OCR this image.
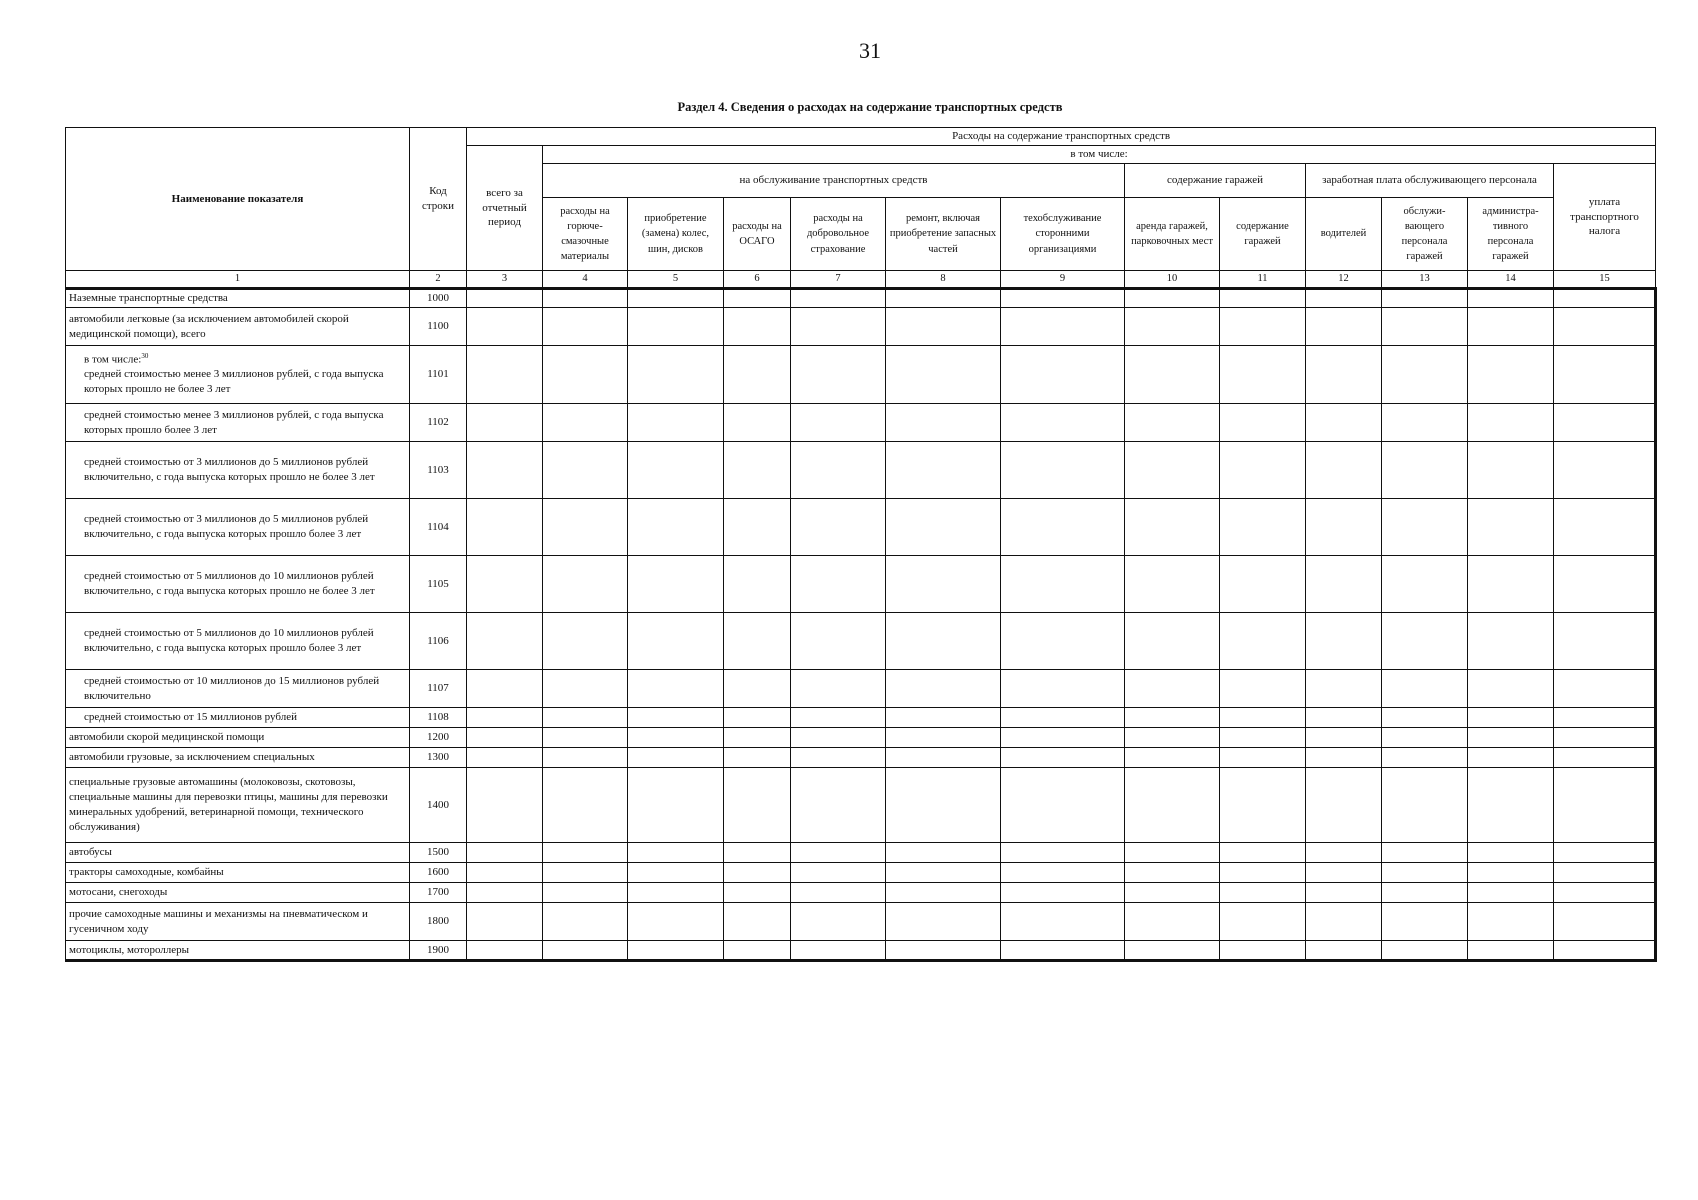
31
Раздел 4. Сведения о расходах на содержание транспортных средств
Наименование показателя	Код строки	Расходы на содержание транспортных средств												
		всего за отчетный период	в том числе:											
			на обслуживание транспортных средств						содержание гаражей		заработная плата обслуживающего персонала			уплата транспортного налога
			расходы на горюче-смазочные материалы	приобретение (замена) колес, шин, дисков	расходы на ОСАГО	расходы на добровольное страхование	ремонт, включая приобретение запасных частей	техобслуживание сторонними организациями	аренда гаражей, парковочных мест	содержание гаражей	водителей	обслужи-вающего персонала гаражей	администра-тивного персонала гаражей	
1	2	3	4	5	6	7	8	9	10	11	12	13	14	15
Наземные транспортные средства	1000													
автомобили легковые (за исключением автомобилей скорой медицинской помощи), всего	1100													
в том числе:$^{30}$
средней стоимостью менее 3 миллионов рублей, с года выпуска которых прошло не более 3 лет	1101													
средней стоимостью менее 3 миллионов рублей, с года выпуска которых прошло более 3 лет	1102													
средней стоимостью от 3 миллионов до 5 миллионов рублей включительно, с года выпуска которых прошло не более 3 лет	1103													
средней стоимостью от 3 миллионов до 5 миллионов рублей включительно, с года выпуска которых прошло более 3 лет	1104													
средней стоимостью от 5 миллионов до 10 миллионов рублей включительно, с года выпуска которых прошло не более 3 лет	1105													
средней стоимостью от 5 миллионов до 10 миллионов рублей включительно, с года выпуска которых прошло более 3 лет	1106													
средней стоимостью от 10 миллионов до 15 миллионов рублей включительно	1107													
средней стоимостью от 15 миллионов рублей	1108													
автомобили скорой медицинской помощи	1200													
автомобили грузовые, за исключением специальных	1300													
специальные грузовые автомашины (молоковозы, скотовозы, специальные машины для перевозки птицы, машины для перевозки минеральных удобрений, ветеринарной помощи, технического обслуживания)	1400													
автобусы	1500													
тракторы самоходные, комбайны	1600													
мотосани, снегоходы	1700													
прочие самоходные машины и механизмы на пневматическом и гусеничном ходу	1800													
мотоциклы, мотороллеры	1900													
